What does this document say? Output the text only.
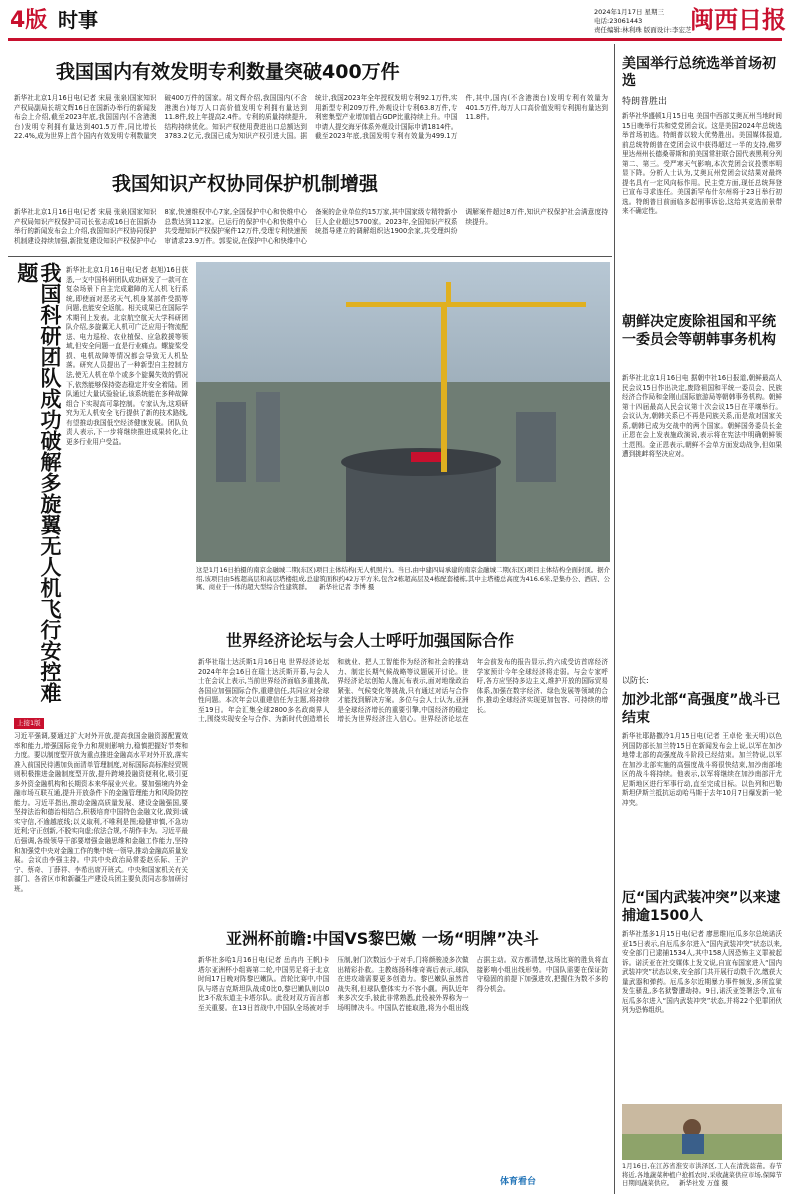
4版 时事	2024年1月17日 星期三
电话:23061443
责任编辑:林利珠 版面设计:李宏芝
闽西日报
我国国内有效发明专利数量突破400万件
新华社北京1月16日电(记者 宋晨 张泉)国家知识产权局副局长胡文辉16日在国新办举行的新闻发布会上介绍,截至2023年底,我国国内(不含港澳台)发明专利拥有量达到401.5万件,同比增长22.4%,成为世界上首个国内有效发明专利数量突破400万件的国家。胡文辉介绍,我国国内(不含港澳台)每万人口高价值发明专利拥有量达到11.8件,较上年提高2.4件。专利的质量持续提升,结构持续优化。知识产权使用费进出口总额达到3783.2亿元,我国已成为知识产权引进大国。据统计,我国2023年全年授权发明专利92.1万件,实用新型专利209万件,外观设计专利63.8万件,专利密集型产业增加值占GDP比重持续上升。中国申请人提交海牙体系外观设计国际申请1814件。截至2023年底,我国发明专利有效量为499.1万件,其中,国内(不含港澳台)发明专利有效量为401.5万件,每万人口高价值发明专利拥有量达到11.8件。
我国知识产权协同保护机制增强
新华社北京1月16日电(记者 宋晨 张泉)国家知识产权局知识产权保护司司长张志成16日在国新办举行的新闻发布会上介绍,我国知识产权协同保护机制建设持续加强,新批复建设知识产权保护中心8家,快速维权中心7家,全国保护中心和快维中心总数达到112家。已运行的保护中心和快维中心共受理知识产权保护案件12万件,受理专利快速预审请求23.9万件。郭雯说,在保护中心和快维中心备案的企业单位约15万家,其中国家级专精特新小巨人企业超过5700家。2023年,全国知识产权系统指导建立的调解组织达1900余家,共受理纠纷调解案件超过8万件,知识产权保护社会满意度持续提升。
我国科研团队成功破解多旋翼无人机飞行安控难题	新华社北京1月16日电(记者 赵旭)16日获悉,一支中国科研团队成功研发了一款可在复杂场景下自主完成避障的无人机飞行系统,即使面对恶劣天气,机身某部件受损等问题,也能安全返航。相关成果已在国际学术期刊上发表。北京航空航天大学科研团队介绍,多旋翼无人机可广泛应用于物流配送、电力巡检、农业植保、应急救援等领域,但安全问题一直是行业痛点。螺旋桨受损、电机故障等情况都会导致无人机坠落。研究人员提出了一种新型自主控制方法,使无人机在单个或多个旋翼失效的情况下,依然能够保持姿态稳定并安全着陆。团队通过大量试验验证,该系统能在多种故障组合下实现高可靠控制。专家认为,这项研究为无人机安全飞行提供了新的技术路线,有望推动我国低空经济健康发展。团队负责人表示,下一步将继续推进成果转化,让更多行业用户受益。
这是1月16日拍摄的南京金融城二期(东区)项目主体结构(无人机照片)。当日,由中建四局承建的南京金融城二期(东区)项目主体结构全面封顶。据介绍,该项目由5栋超高层和高层塔楼组成,总建筑面积约42万平方米,包含2栋超高层及4栋配套楼栋,其中主塔楼总高度为416.6米,是集办公、酒店、公寓、商业于一体的超大型综合性建筑群。 新华社记者 李博 摄
世界经济论坛与会人士呼吁加强国际合作
新华社瑞士达沃斯1月16日电 世界经济论坛2024年年会16日在瑞士达沃斯开幕,与会人士在会议上表示,当前世界经济面临多重挑战,各国应加强国际合作,重建信任,共同应对全球性问题。本次年会以重建信任为主题,将持续至19日。年会汇集全球2800多名政商界人士,围绕实现安全与合作、为新时代创造增长和就业、把人工智能作为经济和社会的推动力、制定长期气候战略等议题展开讨论。世界经济论坛创始人施瓦布表示,面对地缘政治紧张、气候变化等挑战,只有通过对话与合作才能找到解决方案。多位与会人士认为,亚洲是全球经济增长的重要引擎,中国经济的稳定增长为世界经济注入信心。世界经济论坛在年会前发布的报告显示,约六成受访首席经济学家预计今年全球经济将走弱。与会专家呼吁,各方应坚持多边主义,维护开放的国际贸易体系,加强在数字经济、绿色发展等领域的合作,推动全球经济实现更加包容、可持续的增长。
上接1版
习近平强调,要通过扩大对外开放,提高我国金融资源配置效率和能力,增强国际竞争力和规则影响力,稳慎把握好节奏和力度。要以制度型开放为重点推进金融高水平对外开放,落实准入前国民待遇加负面清单管理制度,对标国际高标准经贸规则积极推进金融制度型开放,提升跨境投融资便利化,吸引更多外资金融机构和长期资本来华展业兴业。要加强境内外金融市场互联互通,提升开放条件下的金融管理能力和风险防控能力。习近平指出,推动金融高质量发展、建设金融强国,要坚持法治和德治相结合,积极培育中国特色金融文化,做到:诚实守信,不逾越底线;以义取利,不唯利是图;稳健审慎,不急功近利;守正创新,不脱实向虚;依法合规,不胡作非为。习近平最后强调,各级领导干部要增强金融思维和金融工作能力,坚持和加强党中央对金融工作的集中统一领导,推动金融高质量发展。会议由李强主持。中共中央政治局常委赵乐际、王沪宁、蔡奇、丁薛祥、李希出席开班式。中央和国家机关有关部门、各省区市和新疆生产建设兵团主要负责同志参加研讨班。
亚洲杯前瞻:中国VS黎巴嫩 一场“明牌”决斗
新华社多哈1月16日电(记者 岳冉冉 王帆)卡塔尔亚洲杯小组赛第二轮,中国男足将于北京时间17日晚对阵黎巴嫩队。首轮比赛中,中国队与塔吉克斯坦队战成0比0,黎巴嫩队则以0比3不敌东道主卡塔尔队。此役对双方而言都至关重要。在13日首战中,中国队全场被对手压制,射门次数远少于对手,门将颜骏凌多次做出精彩扑救。主教练扬科维奇赛后表示,球队在进攻端需要更多创造力。黎巴嫩队虽然首战失利,但球队整体实力不容小觑。两队近年来多次交手,彼此非常熟悉,此役被外界称为一场明牌决斗。中国队若能取胜,将为小组出线占据主动。双方都清楚,这场比赛的胜负将直接影响小组出线形势。中国队需要在保证防守稳固的前提下加强进攻,把握住为数不多的得分机会。
体育看台
美国举行总统选举首场初选
特朗普胜出
新华社华盛顿1月15日电 美国中西部艾奥瓦州当地时间15日晚举行共和党党团会议。这是美国2024年总统选举首场初选。特朗普以较大优势胜出。美国媒体报道,前总统特朗普在党团会议中获得超过一半的支持,佛罗里达州州长德桑蒂斯和前美国常驻联合国代表黑利分列第二、第三。受严寒天气影响,本次党团会议投票率明显下降。分析人士认为,艾奥瓦州党团会议结果对最终提名具有一定风向标作用。民主党方面,现任总统拜登已宣布寻求连任。美国新罕布什尔州将于23日举行初选。特朗普目前面临多起刑事诉讼,这给其竞选前景带来不确定性。
朝鲜决定废除祖国和平统一委员会等朝韩事务机构
新华社北京1月16日电 据朝中社16日报道,朝鲜最高人民会议15日作出决定,废除祖国和平统一委员会、民族经济合作局和金刚山国际旅游局等朝韩事务机构。朝鲜第十四届最高人民会议第十次会议15日在平壤举行。会议认为,朝韩关系已不再是同族关系,而是敌对国家关系,朝韩已成为交战中的两个国家。朝鲜国务委员长金正恩在会上发表施政演说,表示将在宪法中明确朝鲜领土范围。金正恩表示,朝鲜不会单方面发动战争,但如果遭到挑衅将坚决应对。
以防长:
加沙北部“高强度”战斗已结束
新华社耶路撒冷1月15日电(记者 王卓伦 张天明)以色列国防部长加兰特15日在新闻发布会上说,以军在加沙地带北部的高强度战斗阶段已经结束。加兰特说,以军在加沙北部实施的高强度战斗将很快结束,加沙南部地区的战斗将持续。他表示,以军将继续在加沙南部汗尤尼斯地区进行军事行动,直至完成目标。以色列和巴勒斯坦伊斯兰抵抗运动哈马斯于去年10月7日爆发新一轮冲突。
厄“国内武装冲突”以来逮捕逾1500人
新华社基多1月15日电(记者 廖思维)厄瓜多尔总统诺沃亚15日表示,自厄瓜多尔进入“国内武装冲突”状态以来,安全部门已逮捕1534人,其中158人因恐怖主义罪被起诉。诺沃亚在社交媒体上发文说,自宣布国家进入“国内武装冲突”状态以来,安全部门共开展行动数千次,缴获大量武器和弹药。厄瓜多尔近期暴力事件频发,多所监狱发生骚乱,多名狱警遭劫持。9日,诺沃亚签署法令,宣布厄瓜多尔进入“国内武装冲突”状态,并将22个犯罪团伙列为恐怖组织。
1月16日,在江苏省淮安市洪泽区,工人在清洗蒜苗。春节将近,各地蔬菜种植户抢抓农时,采收蔬菜供应市场,保障节日期间蔬菜供应。 新华社发 万莲 摄
